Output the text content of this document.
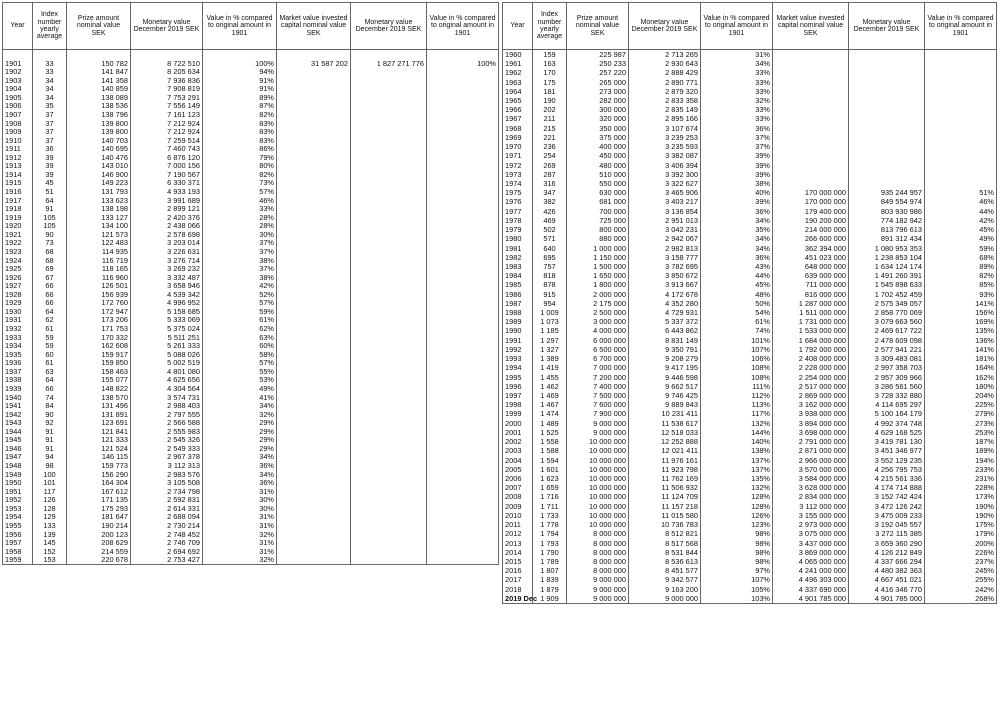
Year	Index number yearly average	Prize amount nominal value SEK	Monetary value December 2019 SEK	Value in % compared to original amount in 1901	Market value invested capital nominal value SEK	Monetary value December 2019 SEK	Value in % compared to original amount in 1901

1901	33	150 782	8 722 510	100%	31 587 202	1 827 271 776	100%
1902	33	141 847	8 205 634	94%			
1903	34	141 358	7 936 836	91%			
1904	34	140 859	7 908 819	91%			
1905	34	138 089	7 753 291	89%			
1906	35	138 536	7 556 149	87%			
1907	37	138 796	7 161 123	82%			
1908	37	139 800	7 212 924	83%			
1909	37	139 800	7 212 924	83%			
1910	37	140 703	7 259 514	83%			
1911	36	140 695	7 460 743	86%			
1912	39	140 476	6 876 120	79%			
1913	39	143 010	7 000 156	80%			
1914	39	146 900	7 190 567	82%			
1915	45	149 223	6 330 371	73%			
1916	51	131 793	4 933 193	57%			
1917	64	133 623	3 991 689	46%			
1918	91	138 198	2 899 121	33%			
1919	105	133 127	2 420 376	28%			
1920	105	134 100	2 438 066	28%			
1921	90	121 573	2 578 698	30%			
1922	73	122 483	3 203 014	37%			
1923	68	114 935	3 226 631	37%			
1924	68	116 719	3 276 714	38%			
1925	69	118 165	3 269 232	37%			
1926	67	116 960	3 332 487	38%			
1927	66	126 501	3 658 946	42%			
1928	66	156 939	4 539 342	52%			
1929	66	172 760	4 996 952	57%			
1930	64	172 947	5 158 685	59%			
1931	62	173 206	5 333 069	61%			
1932	61	171 753	5 375 024	62%			
1933	59	170 332	5 511 251	63%			
1934	59	162 608	5 261 333	60%			
1935	60	159 917	5 088 026	58%			
1936	61	159 850	5 002 519	57%			
1937	63	158 463	4 801 080	55%			
1938	64	155 077	4 625 656	53%			
1939	66	148 822	4 304 564	49%			
1940	74	138 570	3 574 731	41%			
1941	84	131 496	2 988 403	34%			
1942	90	131 891	2 797 555	32%			
1943	92	123 691	2 566 588	29%			
1944	91	121 841	2 555 983	29%			
1945	91	121 333	2 545 326	29%			
1946	91	121 524	2 549 333	29%			
1947	94	146 115	2 967 378	34%			
1948	98	159 773	3 112 313	36%			
1949	100	156 290	2 983 576	34%			
1950	101	164 304	3 105 508	36%			
1951	117	167 612	2 734 798	31%			
1952	126	171 135	2 592 831	30%			
1953	128	175 293	2 614 331	30%			
1954	129	181 647	2 688 094	31%			
1955	133	190 214	2 730 214	31%			
1956	139	200 123	2 748 452	32%			
1957	145	208 629	2 746 709	31%			
1958	152	214 559	2 694 692	31%			
1959	153	220 678	2 753 427	32%			
Year	Index number yearly average	Prize amount nominal value SEK	Monetary value December 2019 SEK	Value in % compared to original amount in 1901	Market value invested capital nominal value SEK	Monetary value December 2019 SEK	Value in % compared to original amount in 1901
1960	159	225 987	2 713 265	31%			
1961	163	250 233	2 930 643	34%			
1962	170	257 220	2 888 429	33%			
1963	175	265 000	2 890 771	33%			
1964	181	273 000	2 879 320	33%			
1965	190	282 000	2 833 358	32%			
1966	202	300 000	2 835 149	33%			
1967	211	320 000	2 895 166	33%			
1968	215	350 000	3 107 674	36%			
1969	221	375 000	3 239 253	37%			
1970	236	400 000	3 235 593	37%			
1971	254	450 000	3 382 087	39%			
1972	269	480 000	3 406 394	39%			
1973	287	510 000	3 392 300	39%			
1974	316	550 000	3 322 627	38%			
1975	347	630 000	3 465 906	40%	170 000 000	935 244 957	51%
1976	382	681 000	3 403 217	39%	170 000 000	849 554 974	46%
1977	426	700 000	3 136 854	36%	179 400 000	803 930 986	44%
1978	469	725 000	2 951 013	34%	190 200 000	774 182 942	42%
1979	502	800 000	3 042 231	35%	214 000 000	813 796 613	45%
1980	571	880 000	2 942 067	34%	266 600 000	891 312 434	49%
1981	640	1 000 000	2 982 813	34%	362 394 000	1 080 953 353	59%
1982	695	1 150 000	3 158 777	36%	451 023 000	1 238 853 104	68%
1983	757	1 500 000	3 782 695	43%	648 000 000	1 634 124 174	89%
1984	818	1 650 000	3 850 672	44%	639 000 000	1 491 260 391	82%
1985	878	1 800 000	3 913 667	45%	711 000 000	1 545 898 633	85%
1986	915	2 000 000	4 172 678	48%	816 000 000	1 702 452 459	93%
1987	954	2 175 000	4 352 280	50%	1 287 000 000	2 575 349 057	141%
1988	1 009	2 500 000	4 729 931	54%	1 511 000 000	2 858 770 069	156%
1989	1 073	3 000 000	5 337 372	61%	1 731 000 000	3 079 663 560	169%
1990	1 185	4 000 000	6 443 862	74%	1 533 000 000	2 469 617 722	135%
1991	1 297	6 000 000	8 831 149	101%	1 684 000 000	2 478 609 098	136%
1992	1 327	6 500 000	9 350 791	107%	1 792 000 000	2 577 941 221	141%
1993	1 389	6 700 000	9 208 279	106%	2 408 000 000	3 309 483 081	181%
1994	1 419	7 000 000	9 417 195	108%	2 228 000 000	2 997 358 703	164%
1995	1 455	7 200 000	9 446 598	108%	2 254 000 000	2 957 309 966	162%
1996	1 462	7 400 000	9 662 517	111%	2 517 000 000	3 286 561 560	180%
1997	1 469	7 500 000	9 746 425	112%	2 869 000 000	3 728 332 880	204%
1998	1 467	7 600 000	9 889 843	113%	3 162 000 000	4 114 695 297	225%
1999	1 474	7 900 000	10 231 411	117%	3 938 000 000	5 100 164 179	279%
2000	1 489	9 000 000	11 538 617	132%	3 894 000 000	4 992 374 748	273%
2001	1 525	9 000 000	12 518 033	144%	3 698 000 000	4 629 168 525	253%
2002	1 558	10 000 000	12 252 888	140%	2 791 000 000	3 419 781 130	187%
2003	1 588	10 000 000	12 021 411	138%	2 871 000 000	3 451 346 977	189%
2004	1 594	10 000 000	11 976 161	137%	2 966 000 000	3 552 129 235	194%
2005	1 601	10 000 000	11 923 798	137%	3 570 000 000	4 256 795 753	233%
2006	1 623	10 000 000	11 762 169	135%	3 584 000 000	4 215 561 336	231%
2007	1 659	10 000 000	11 506 932	132%	3 628 000 000	4 174 714 888	228%
2008	1 716	10 000 000	11 124 709	128%	2 834 000 000	3 152 742 424	173%
2009	1 711	10 000 000	11 157 218	128%	3 112 000 000	3 472 126 242	190%
2010	1 733	10 000 000	11 015 580	126%	3 155 000 000	3 475 009 233	190%
2011	1 778	10 000 000	10 736 783	123%	2 973 000 000	3 192 045 557	175%
2012	1 794	8 000 000	8 512 821	98%	3 075 000 000	3 272 115 385	179%
2013	1 793	8 000 000	8 517 568	98%	3 437 000 000	3 659 360 290	200%
2014	1 790	8 000 000	8 531 844	98%	3 869 000 000	4 126 212 849	226%
2015	1 789	8 000 000	8 536 613	98%	4 065 000 000	4 337 666 294	237%
2016	1 807	8 000 000	8 451 577	97%	4 241 000 000	4 480 382 363	245%
2017	1 839	9 000 000	9 342 577	107%	4 496 303 000	4 667 451 021	255%
2018	1 879	9 000 000	9 163 200	105%	4 337 690 000	4 416 346 770	242%
2019 Dec	1 909	9 000 000	9 000 000	103%	4 901 785 000	4 901 785 000	268%
